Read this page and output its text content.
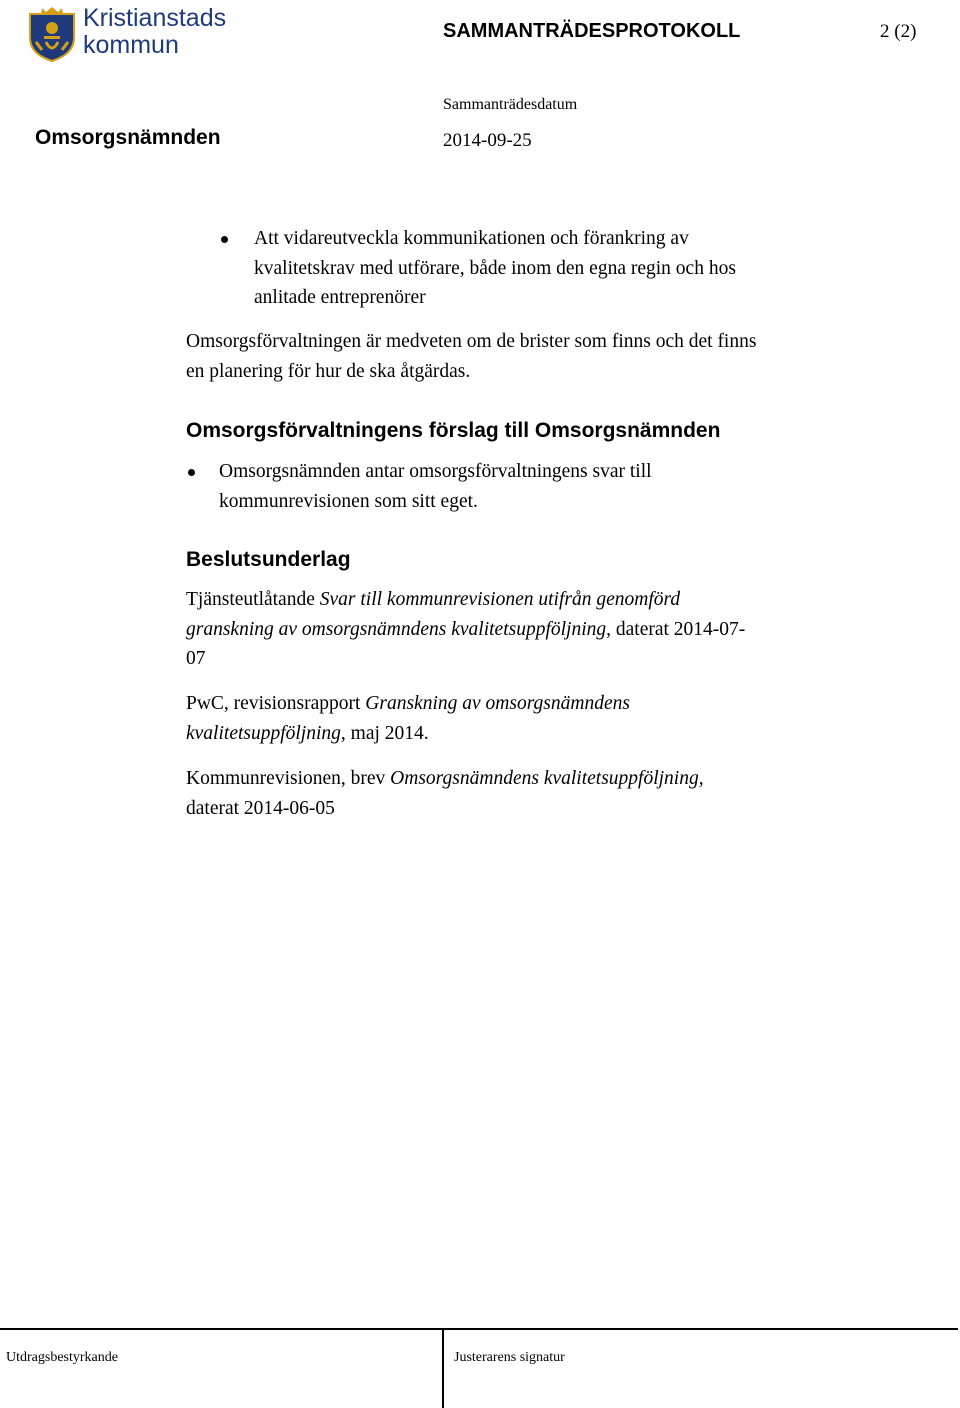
Kristianstads
kommun	SAMMANTRÄDESPROTOKOLL	2 (2)
Sammanträdesdatum
Omsorgsnämnden	2014-09-25
Att vidareutveckla kommunikationen och förankring av
kvalitetskrav med utförare, både inom den egna regin och hos
anlitade entreprenörer
Omsorgsförvaltningen är medveten om de brister som finns och det finns
en planering för hur de ska åtgärdas.
Omsorgsförvaltningens förslag till Omsorgsnämnden
Omsorgsnämnden antar omsorgsförvaltningens svar till
kommunrevisionen som sitt eget.
Beslutsunderlag
Tjänsteutlåtande Svar till kommunrevisionen utifrån genomförd
granskning av omsorgsnämndens kvalitetsuppföljning, daterat 2014-07-
07
PwC, revisionsrapport Granskning av omsorgsnämndens
kvalitetsuppföljning, maj 2014.
Kommunrevisionen, brev Omsorgsnämndens kvalitetsuppföljning,
daterat 2014-06-05
Utdragsbestyrkande	Justerarens signatur
